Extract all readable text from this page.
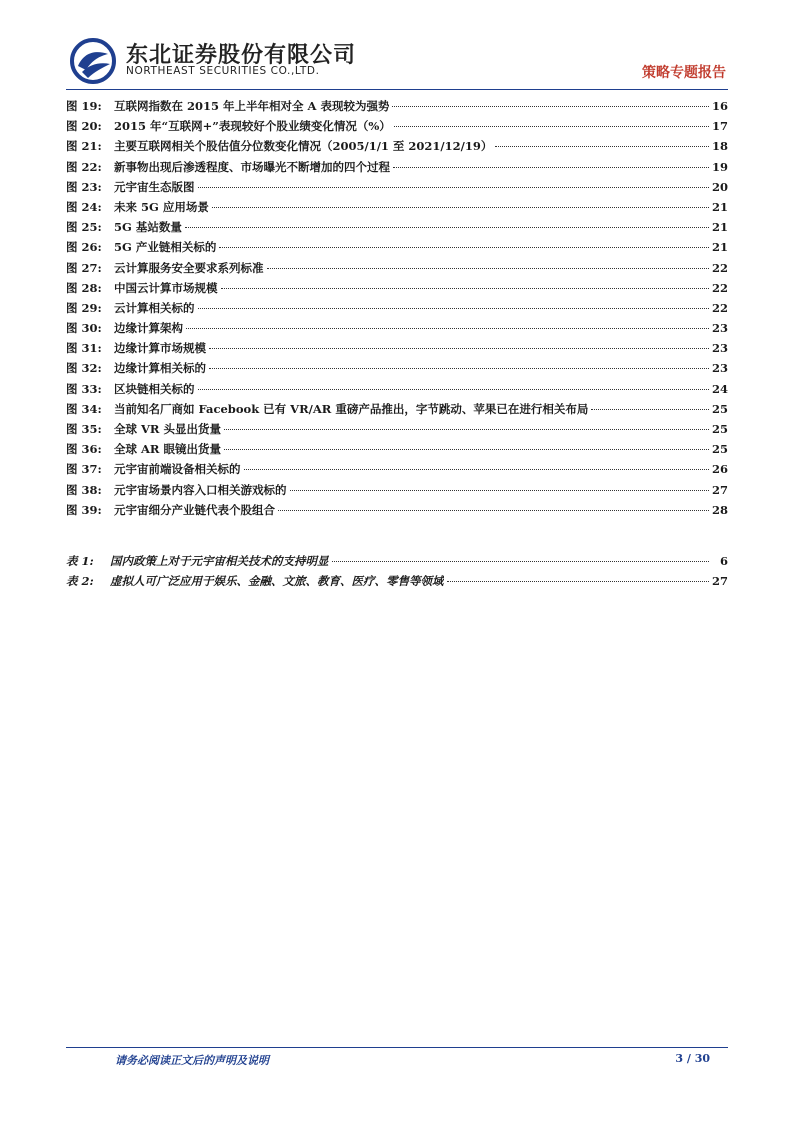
东北证券股份有限公司
NORTHEAST SECURITIES CO.,LTD.	策略专题报告
图 19:	互联网指数在 2015 年上半年相对全 A 表现较为强势	16
图 20:	2015 年“互联网+”表现较好个股业绩变化情况（%）	17
图 21:	主要互联网相关个股估值分位数变化情况（2005/1/1 至 2021/12/19）	18
图 22:	新事物出现后渗透程度、市场曝光不断增加的四个过程	19
图 23:	元宇宙生态版图	20
图 24:	未来 5G 应用场景	21
图 25:	5G 基站数量	21
图 26:	5G 产业链相关标的	21
图 27:	云计算服务安全要求系列标准	22
图 28:	中国云计算市场规模	22
图 29:	云计算相关标的	22
图 30:	边缘计算架构	23
图 31:	边缘计算市场规模	23
图 32:	边缘计算相关标的	23
图 33:	区块链相关标的	24
图 34:	当前知名厂商如 Facebook 已有 VR/AR 重磅产品推出，字节跳动、苹果已在进行相关布局	25
图 35:	全球 VR 头显出货量	25
图 36:	全球 AR 眼镜出货量	25
图 37:	元宇宙前端设备相关标的	26
图 38:	元宇宙场景内容入口相关游戏标的	27
图 39:	元宇宙细分产业链代表个股组合	28
表 1:	国内政策上对于元宇宙相关技术的支持明显	6
表 2:	虚拟人可广泛应用于娱乐、金融、文旅、教育、医疗、零售等领域	27
请务必阅读正文后的声明及说明	3 / 30
